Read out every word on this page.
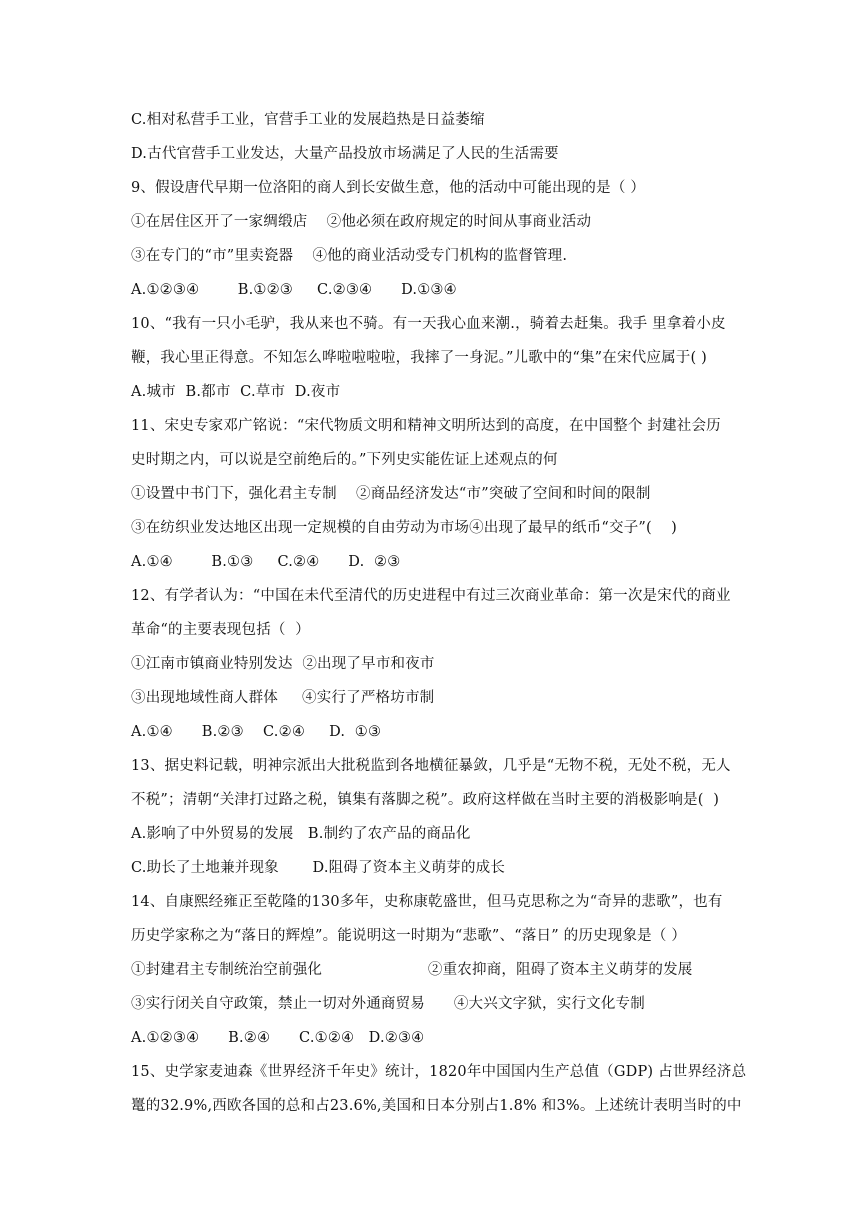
C.相对私营手工业，官营手工业的发展趋热是日益萎缩
D.古代官营手工业发达，大量产品投放市场满足了人民的生活需要
9、假设唐代早期一位洛阳的商人到长安做生意，他的活动中可能出现的是（ ）
①在居住区开了一家绸缎店    ②他必须在政府规定的时间从事商业活动
③在专门的“市”里卖瓷器    ④他的商业活动受专门机构的监督管理.
A.①②③④        B.①②③     C.②③④      D.①③④
10、“我有一只小毛驴，我从来也不骑。有一天我心血来潮.，骑着去赶集。我手 里拿着小皮
鞭，我心里正得意。不知怎么哗啦啦啦啦，我摔了一身泥。”儿歌中的“集”在宋代应属于( )
A.城市  B.都市  C.草市  D.夜市
11、宋史专家邓广铭说：“宋代物质文明和精神文明所达到的高度，在中国整个 封建社会历
史时期之内，可以说是空前绝后的。”下列史实能佐证上述观点的何
①设置中书门下，强化君主专制    ②商品经济发达“市”突破了空间和时间的限制
③在纺织业发达地区出现一定规模的自由劳动为市场④出现了最早的纸币“交子”(    )
A.①④        B.①③     C.②④      D.  ②③
12、有学者认为：“中国在未代至清代的历史进程中有过三次商业革命：第一次是宋代的商业
革命“的主要表现包括（  ）
①江南市镇商业特别发达  ②出现了早市和夜市
③出现地域性商人群体     ④实行了严格坊市制
A.①④      B.②③    C.②④     D.  ①③
13、据史料记载，明神宗派出大批税监到各地横征暴敛，几乎是“无物不税，无处不税，无人
不税”；清朝“关津打过路之税，镇集有落脚之税”。政府这样做在当时主要的消极影响是(  )
A.影响了中外贸易的发展   B.制约了农产品的商品化
C.助长了土地兼并现象       D.阻碍了资本主义萌芽的成长
14、自康熙经雍正至乾隆的130多年，史称康乾盛世，但马克思称之为“奇异的悲歌”，也有
历史学家称之为“落日的辉煌”。能说明这一时期为“悲歌”、“落日” 的历史现象是（ ）
①封建君主专制统治空前强化                      ②重农抑商，阻碍了资本主义萌芽的发展
③实行闭关自守政策，禁止一切对外通商贸易      ④大兴文字狱，实行文化专制
A.①②③④      B.②④      C.①②④   D.②③④
15、史学家麦迪森《世界经济千年史》统计，1820年中国国内生产总值（GDP) 占世界经济总
鼍的32.9%,西欧各国的总和占23.6%,美国和日本分别占1.8% 和3%。上述统计表明当时的中
